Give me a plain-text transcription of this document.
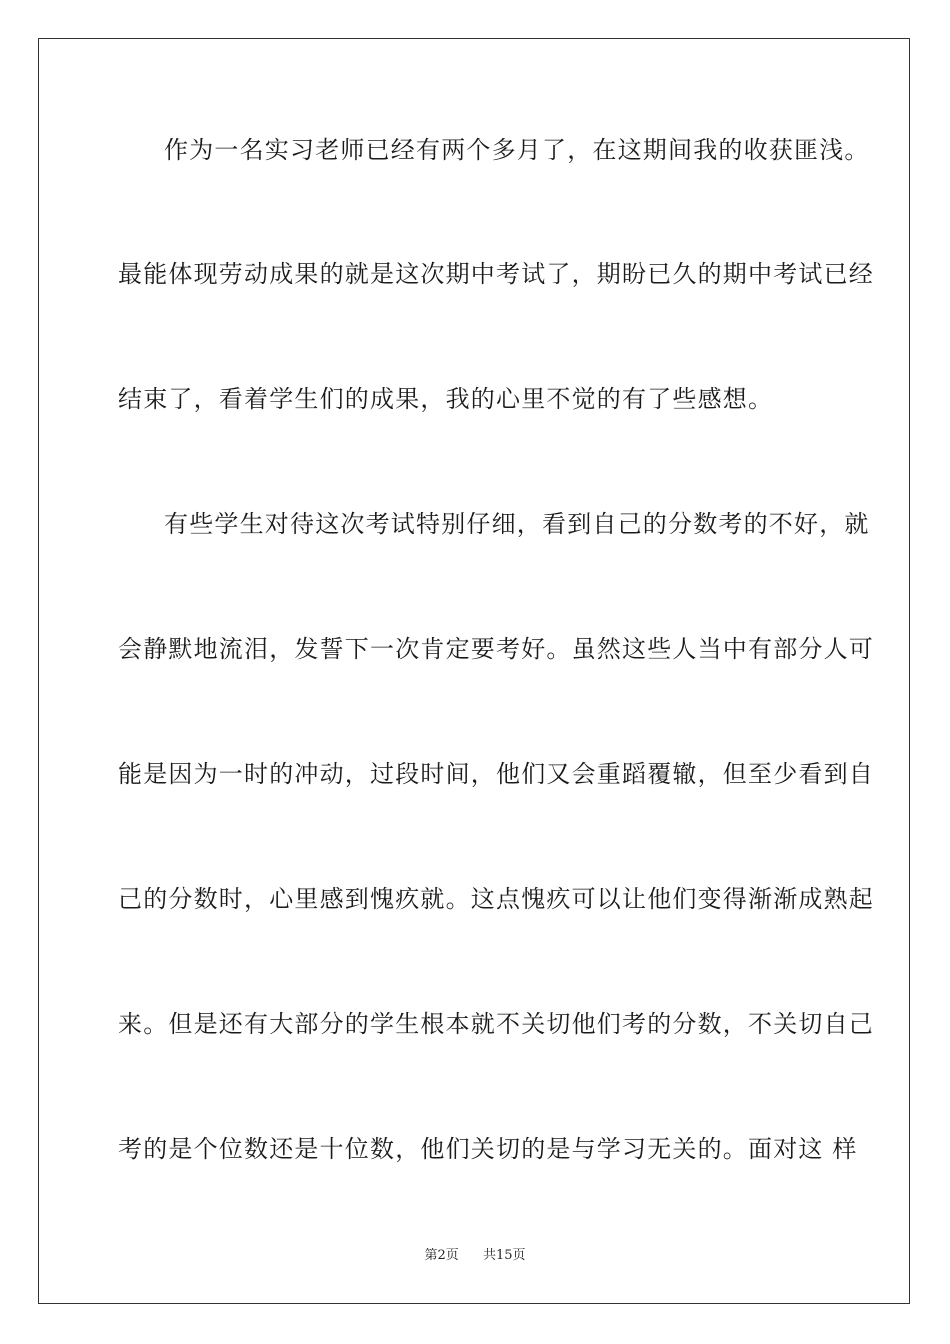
作为一名实习老师已经有两个多月了，在这期间我的收获匪浅。
最能体现劳动成果的就是这次期中考试了，期盼已久的期中考试已经
结束了，看着学生们的成果，我的心里不觉的有了些感想。
有些学生对待这次考试特别仔细，看到自己的分数考的不好，就
会静默地流泪，发誓下一次肯定要考好。虽然这些人当中有部分人可
能是因为一时的冲动，过段时间，他们又会重蹈覆辙，但至少看到自
己的分数时，心里感到愧疚就。这点愧疚可以让他们变得渐渐成熟起
来。但是还有大部分的学生根本就不关切他们考的分数，不关切自己
考的是个位数还是十位数，他们关切的是与学习无关的。面对这 样
第2页 共15页
